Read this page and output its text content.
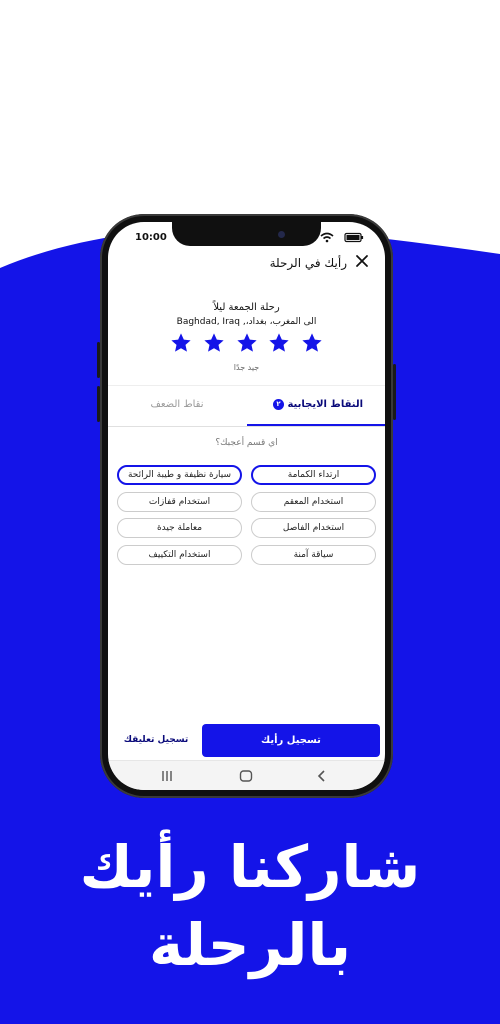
10:00
رأيك في الرحلة
رحلة الجمعة ليلاً
الى المغرب، بغداد،, Baghdad, Iraq
جيد جدًا
النقاط الايجابية ٢
نقاط الضعف
اي قسم أعجبك؟
ارتداء الكمامة
سيارة نظيفة و طيبة الرائحة
استخدام المعقم
استخدام قفازات
استخدام الفاصل
معاملة جيدة
سياقة آمنة
استخدام التكييف
تسجيل تعليقك	تسجيل رأيك
شاركنا رأيك
بالرحلة
